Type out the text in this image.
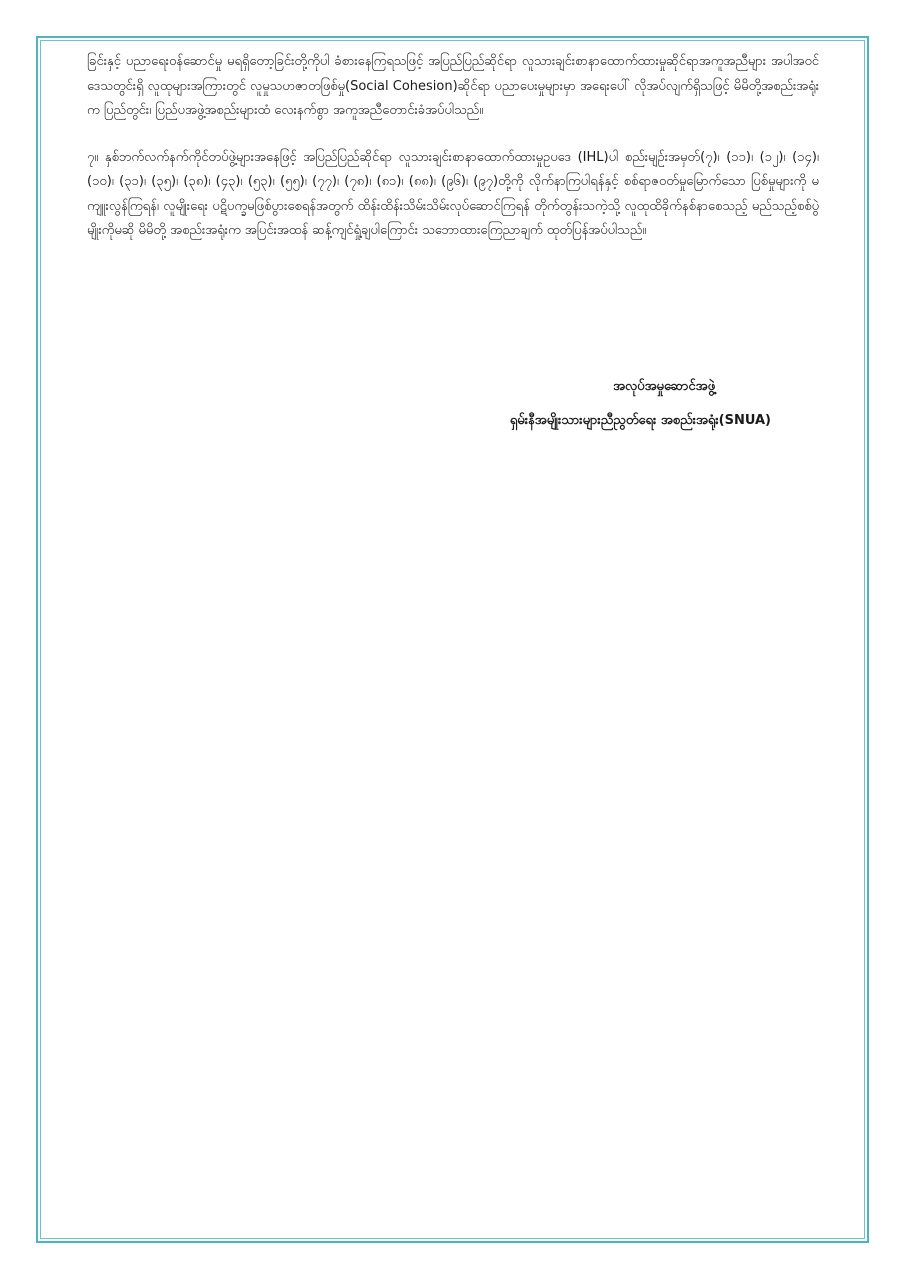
ခြင်းနှင့် ပညာရေးဝန်ဆောင်မှု မရရှိတော့ခြင်းတို့ကိုပါ ခံစားနေကြရသဖြင့် အပြည်ပြည်ဆိုင်ရာ လူသားချင်းစာနာထောက်ထားမှုဆိုင်ရာအကူအညီများ အပါအဝင် ဒေသတွင်းရှိ လူထုများအကြားတွင် လူမှုသဟဇာတဖြစ်မှု(Social Cohesion)ဆိုင်ရာ ပညာပေးမှုများမှာ အရေးပေါ် လိုအပ်လျက်ရှိသဖြင့် မိမိတို့အစည်းအရုံးက ပြည်တွင်း၊ ပြည်ပအဖွဲ့အစည်းများထံ လေးနက်စွာ အကူအညီတောင်းခံအပ်ပါသည်။

၇။ နှစ်ဘက်လက်နက်ကိုင်တပ်ဖွဲ့များအနေဖြင့် အပြည်ပြည်ဆိုင်ရာ လူသားချင်းစာနာထောက်ထားမှုဥပဒေ (IHL)ပါ စည်းမျဉ်းအမှတ်(၇)၊ (၁၁)၊ (၁၂)၊ (၁၄)၊ (၁၀)၊ (၃၁)၊ (၃၅)၊ (၃၈)၊ (၄၃)၊ (၅၃)၊ (၅၅)၊ (၇၇)၊ (၇၈)၊ (၈၁)၊ (၈၈)၊ (၉၆)၊ (၉၇)တို့ကို လိုက်နာကြပါရန်နှင့် စစ်ရာဇဝတ်မှုမြောက်သော ပြစ်မှုများကို မကျူးလွန်ကြရန်၊ လူမျိုးရေး ပဋိပက္ခမဖြစ်ပွားစေရန်အတွက် ထိန်းထိန်းသိမ်းသိမ်းလုပ်ဆောင်ကြရန် တိုက်တွန်းသကဲ့သို့ လူထုထိခိုက်နစ်နာစေသည့် မည်သည့်စစ်ပွဲမျိုးကိုမဆို မိမိတို့ အစည်းအရုံးက အပြင်းအထန် ဆန့်ကျင်ရှုံ့ချပါကြောင်း သဘောထားကြေညာချက် ထုတ်ပြန်အပ်ပါသည်။

အလုပ်အမှုဆောင်အဖွဲ့
ရှမ်းနီအမျိုးသားများညီညွတ်ရေး အစည်းအရုံး(SNUA)
